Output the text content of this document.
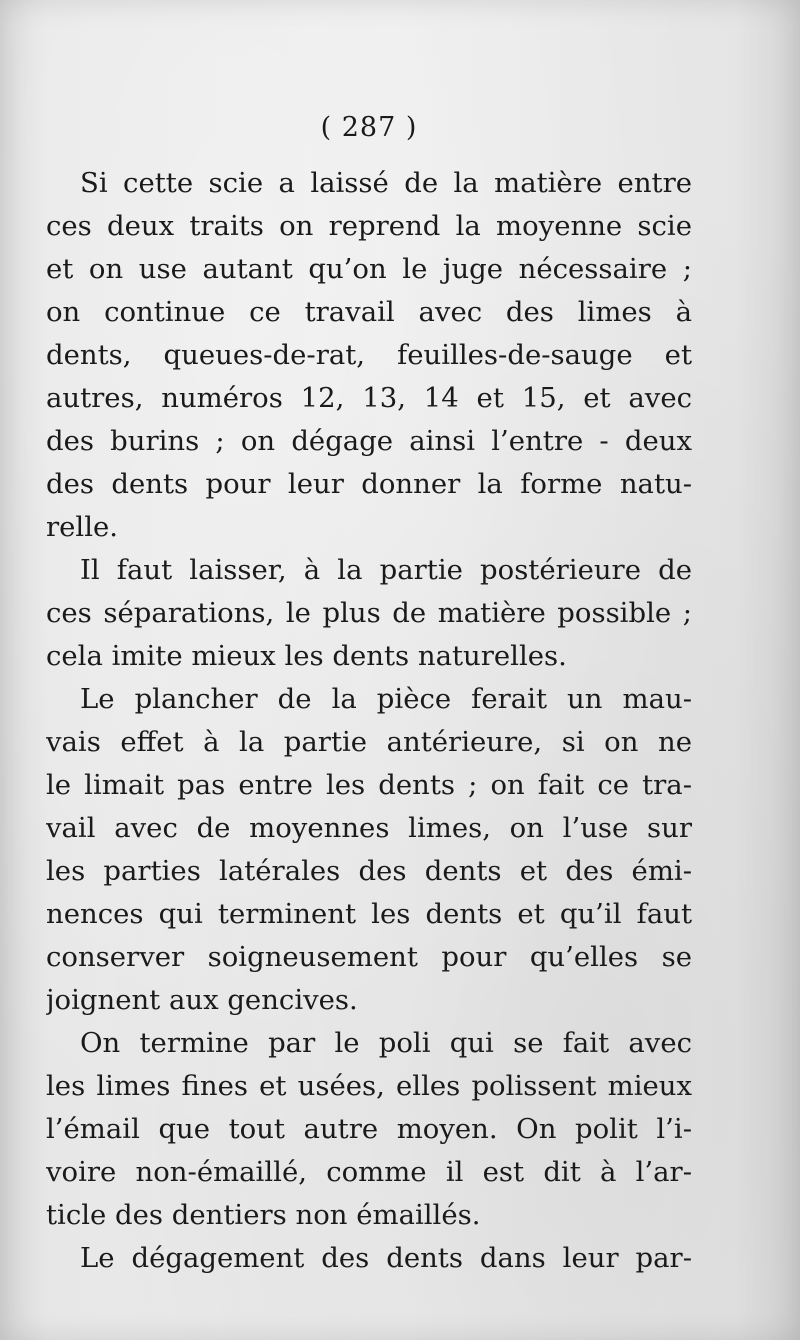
( 287 )
Si cette scie a laissé de la matière entre
ces deux traits on reprend la moyenne scie
et on use autant qu’on le juge nécessaire ;
on continue ce travail avec des limes à
dents, queues-de-rat, feuilles-de-sauge et
autres, numéros 12, 13, 14 et 15, et avec
des burins ; on dégage ainsi l’entre - deux
des dents pour leur donner la forme natu-
relle.
Il faut laisser, à la partie postérieure de
ces séparations, le plus de matière possible ;
cela imite mieux les dents naturelles.
Le plancher de la pièce ferait un mau-
vais effet à la partie antérieure, si on ne
le limait pas entre les dents ; on fait ce tra-
vail avec de moyennes limes, on l’use sur
les parties latérales des dents et des émi-
nences qui terminent les dents et qu’il faut
conserver soigneusement pour qu’elles se
joignent aux gencives.
On termine par le poli qui se fait avec
les limes fines et usées, elles polissent mieux
l’émail que tout autre moyen. On polit l’i-
voire non-émaillé, comme il est dit à l’ar-
ticle des dentiers non émaillés.
Le dégagement des dents dans leur par-
